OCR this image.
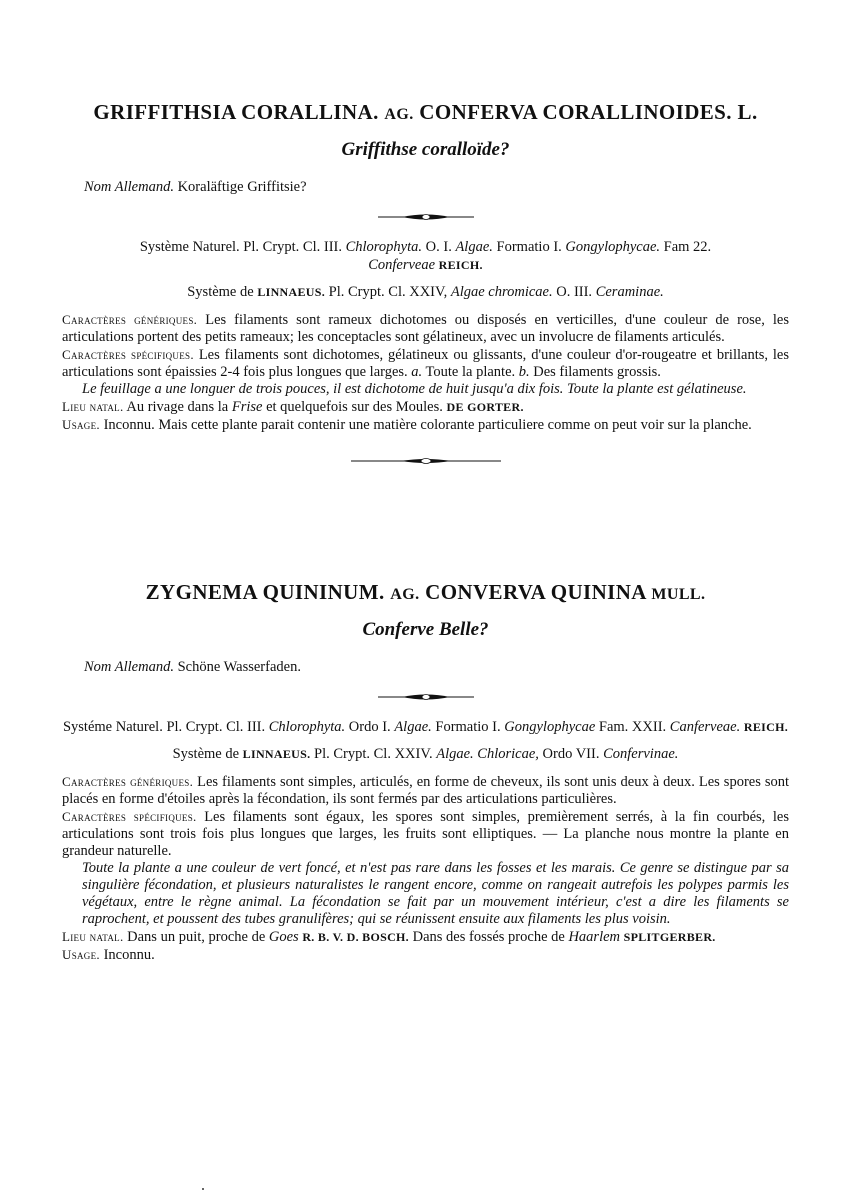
GRIFFITHSIA CORALLINA. AG. CONFERVA CORALLINOIDES. L.
Griffithse coralloïde?
Nom Allemand. Koraläftige Griffitsie?
Système Naturel. Pl. Crypt. Cl. III. Chlorophyta. O. I. Algae. Formatio I. Gongylophycae. Fam 22.
Conferveae REICH.
Système de LINNAEUS. Pl. Crypt. Cl. XXIV, Algae chromicae. O. III. Ceraminae.

Caractères génériques. Les filaments sont rameux dichotomes ou disposés en verticilles, d'une couleur de rose, les articulations portent des petits rameaux; les conceptacles sont gélatineux, avec un involucre de filaments articulés.

Caractères spécifiques. Les filaments sont dichotomes, gélatineux ou glissants, d'une couleur d'or-rougeatre et brillants, les articulations sont épaissies 2-4 fois plus longues que larges. a. Toute la plante. b. Des filaments grossis.

Le feuillage a une longuer de trois pouces, il est dichotome de huit jusqu'a dix fois. Toute la plante est gélatineuse.

Lieu natal. Au rivage dans la Frise et quelquefois sur des Moules. DE GORTER.

Usage. Inconnu. Mais cette plante parait contenir une matière colorante particuliere comme on peut voir sur la planche.

ZYGNEMA QUININUM. AG. CONVERVA QUININA MULL.
Conferve Belle?
Nom Allemand. Schöne Wasserfaden.
Systéme Naturel. Pl. Crypt. Cl. III. Chlorophyta. Ordo I. Algae. Formatio I. Gongylophycae Fam. XXII. Canferveae. REICH.
Système de LINNAEUS. Pl. Crypt. Cl. XXIV. Algae. Chloricae, Ordo VII. Confervinae.

Caractères génériques. Les filaments sont simples, articulés, en forme de cheveux, ils sont unis deux à deux. Les spores sont placés en forme d'étoiles après la fécondation, ils sont fermés par des articulations particulières.

Caractères spécifiques. Les filaments sont égaux, les spores sont simples, premièrement serrés, à la fin courbés, les articulations sont trois fois plus longues que larges, les fruits sont elliptiques. — La planche nous montre la plante en grandeur naturelle.

Toute la plante a une couleur de vert foncé, et n'est pas rare dans les fosses et les marais. Ce genre se distingue par sa singulière fécondation, et plusieurs naturalistes le rangent encore, comme on rangeait autrefois les polypes parmis les végétaux, entre le règne animal. La fécondation se fait par un mouvement intérieur, c'est a dire les filaments se raprochent, et poussent des tubes granulifères; qui se réunissent ensuite aux filaments les plus voisin.

Lieu natal. Dans un puit, proche de Goes R. B. V. D. BOSCH. Dans des fossés proche de Haarlem SPLITGERBER.

Usage. Inconnu.
